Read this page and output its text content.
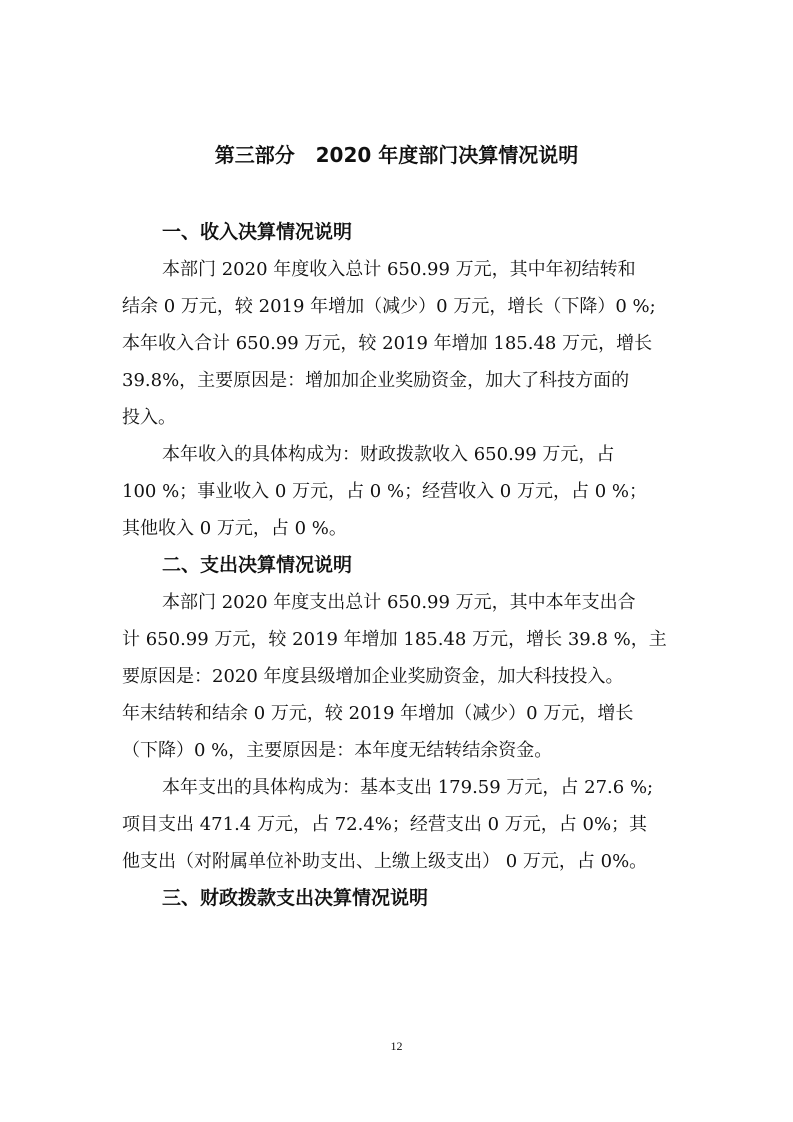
第三部分   2020 年度部门决算情况说明
一、收入决算情况说明

本部门 2020 年度收入总计 650.99 万元，其中年初结转和
结余 0 万元，较 2019 年增加（减少）0 万元，增长（下降）0 %;
本年收入合计 650.99 万元，较 2019 年增加 185.48 万元，增长
39.8%，主要原因是：增加加企业奖励资金，加大了科技方面的
投入。

本年收入的具体构成为：财政拨款收入 650.99 万元，占
100 %；事业收入 0 万元，占 0 %；经营收入 0 万元，占 0 %；
其他收入 0 万元，占 0 %。

二、支出决算情况说明

本部门 2020 年度支出总计 650.99 万元，其中本年支出合
计 650.99 万元，较 2019 年增加 185.48 万元，增长 39.8 %，主
要原因是：2020 年度县级增加企业奖励资金，加大科技投入。
年末结转和结余 0 万元，较 2019 年增加（减少）0 万元，增长
（下降）0 %，主要原因是：本年度无结转结余资金。

本年支出的具体构成为：基本支出 179.59 万元，占 27.6 %;
项目支出 471.4 万元，占 72.4%；经营支出 0 万元，占 0%；其
他支出（对附属单位补助支出、上缴上级支出） 0 万元，占 0%。

三、财政拨款支出决算情况说明
12
